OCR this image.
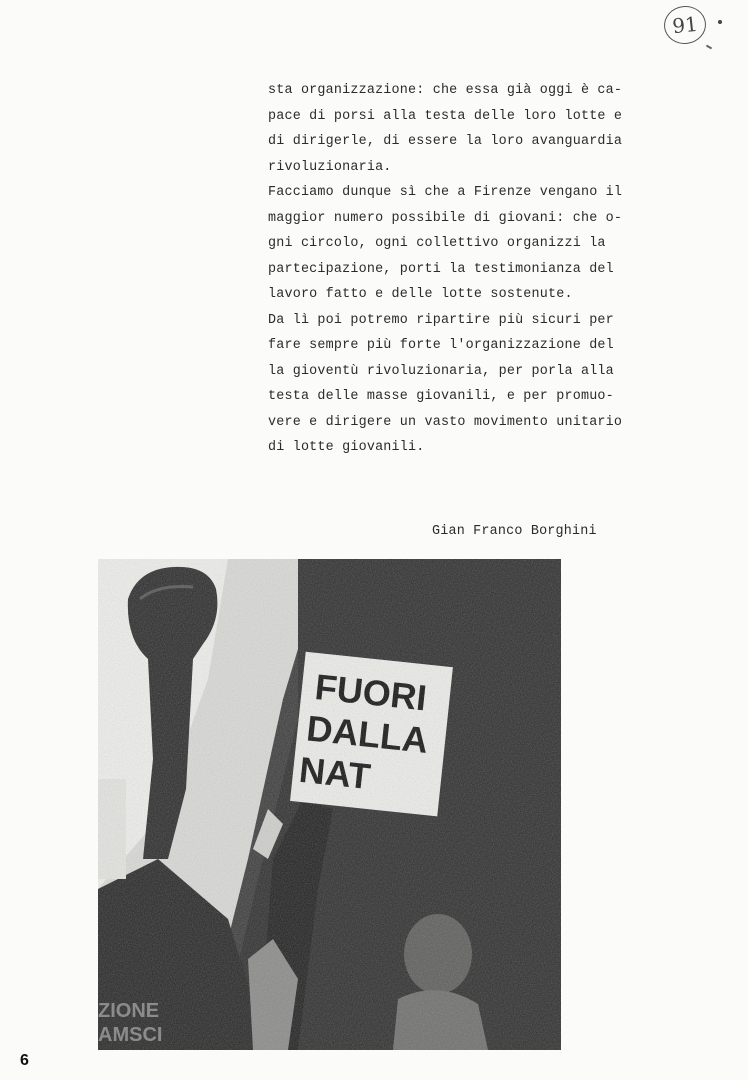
91
sta organizzazione: che essa già oggi è ca-
pace di porsi alla testa delle loro lotte e
di dirigerle, di essere la loro avanguardia
rivoluzionaria.
Facciamo dunque sì che a Firenze vengano il
maggior numero possibile di giovani: che o-
gni circolo, ogni collettivo organizzi la
partecipazione, porti la testimonianza del
lavoro fatto e delle lotte sostenute.
Da lì poi potremo ripartire più sicuri per
fare sempre più forte l'organizzazione del
la gioventù rivoluzionaria, per porla alla
testa delle masse giovanili, e per promuo-
vere e dirigere un vasto movimento unitario
di lotte giovanili.
Gian Franco Borghini
ZIONE
AMSCI
6
